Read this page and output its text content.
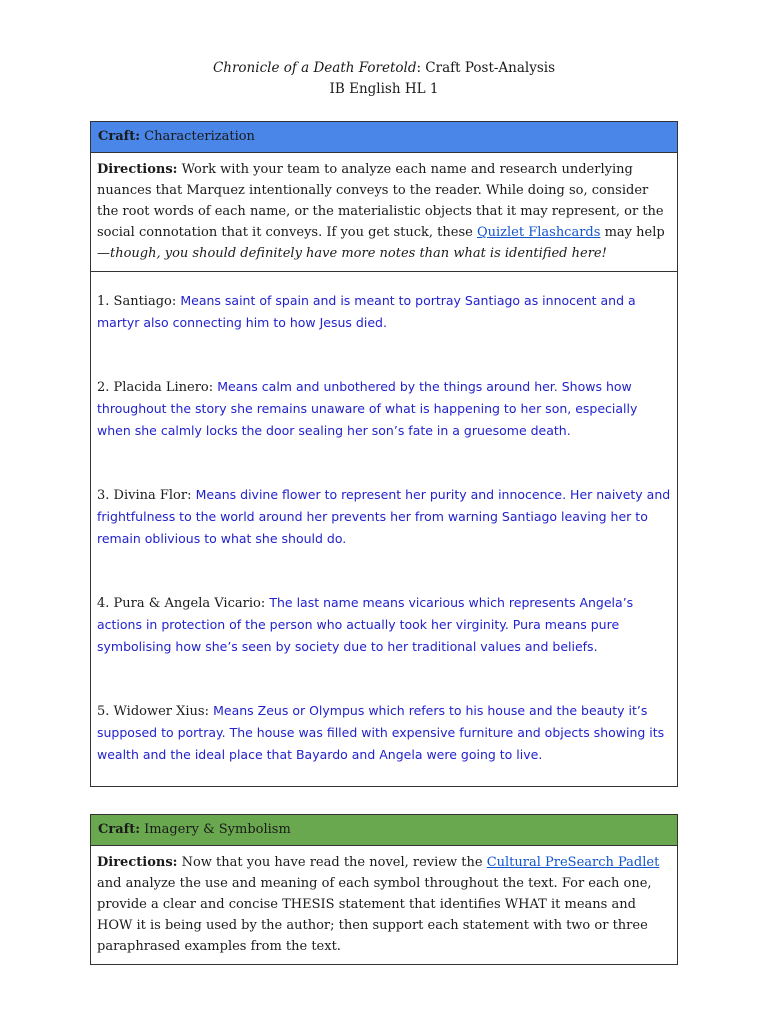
Chronicle of a Death Foretold: Craft Post-Analysis
IB English HL 1
Craft: Characterization
Directions: Work with your team to analyze each name and research underlying nuances that Marquez intentionally conveys to the reader. While doing so, consider the root words of each name, or the materialistic objects that it may represent, or the social connotation that it conveys. If you get stuck, these Quizlet Flashcards may help—though, you should definitely have more notes than what is identified here!

1. Santiago: Means saint of spain and is meant to portray Santiago as innocent and a martyr also connecting him to how Jesus died.

2. Placida Linero: Means calm and unbothered by the things around her. Shows how throughout the story she remains unaware of what is happening to her son, especially when she calmly locks the door sealing her son’s fate in a gruesome death.

3. Divina Flor: Means divine flower to represent her purity and innocence. Her naivety and frightfulness to the world around her prevents her from warning Santiago leaving her to remain oblivious to what she should do.

4. Pura & Angela Vicario: The last name means vicarious which represents Angela’s actions in protection of the person who actually took her virginity. Pura means pure symbolising how she’s seen by society due to her traditional values and beliefs.

5. Widower Xius: Means Zeus or Olympus which refers to his house and the beauty it’s supposed to portray. The house was filled with expensive furniture and objects showing its wealth and the ideal place that Bayardo and Angela were going to live.

Craft: Imagery & Symbolism
Directions: Now that you have read the novel, review the Cultural PreSearch Padlet and analyze the use and meaning of each symbol throughout the text. For each one, provide a clear and concise THESIS statement that identifies WHAT it means and HOW it is being used by the author; then support each statement with two or three paraphrased examples from the text.
